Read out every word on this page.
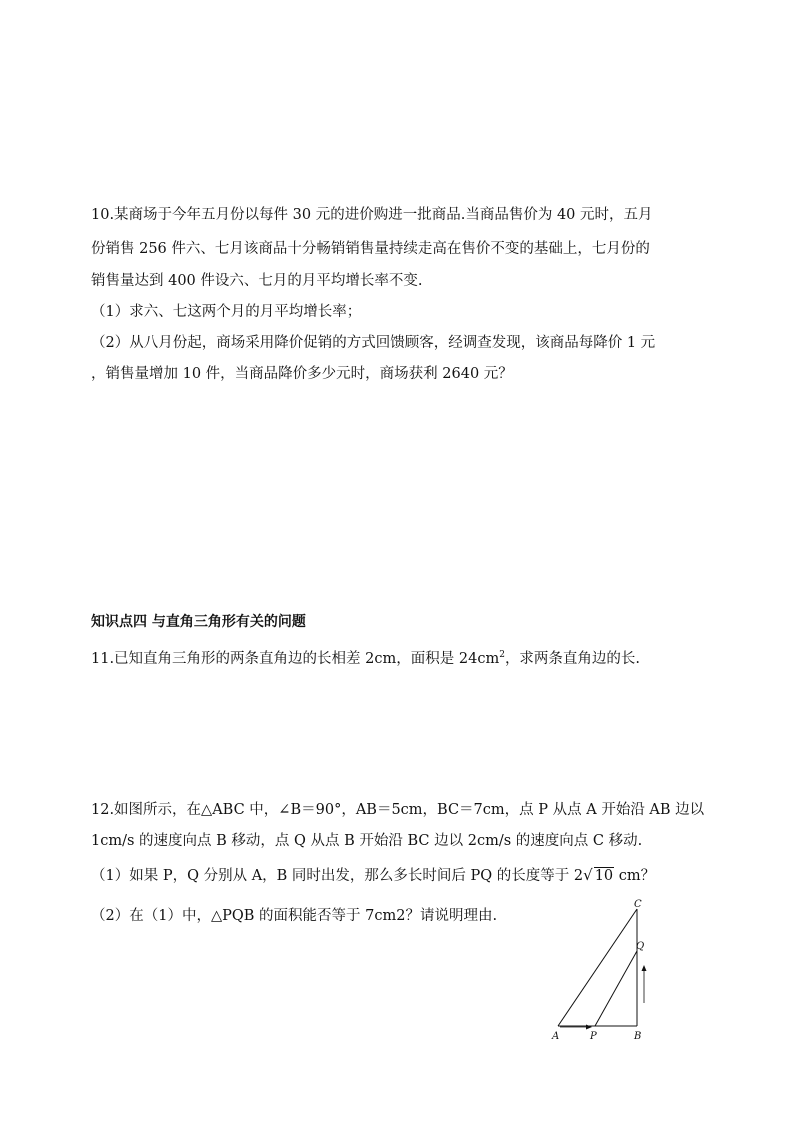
10.某商场于今年五月份以每件 30 元的进价购进一批商品.当商品售价为 40 元时，五月
份销售 256 件六、七月该商品十分畅销销售量持续走高在售价不变的基础上，七月份的
销售量达到 400 件设六、七月的月平均增长率不变.
（1）求六、七这两个月的月平均增长率；
（2）从八月份起，商场采用降价促销的方式回馈顾客，经调查发现，该商品每降价 1 元
，销售量增加 10 件，当商品降价多少元时，商场获利 2640 元？
知识点四 与直角三角形有关的问题
11.已知直角三角形的两条直角边的长相差 2cm，面积是 $24cm^2$，求两条直角边的长.
12.如图所示，在△ABC 中，∠B＝90°，AB＝5cm，BC＝7cm，点 P 从点 A 开始沿 AB 边以
1cm/s 的速度向点 B 移动，点 Q 从点 B 开始沿 BC 边以 2cm/s 的速度向点 C 移动.
（1）如果 P，Q 分别从 A，B 同时出发，那么多长时间后 PQ 的长度等于 2√ 10 cm？
（2）在（1）中，△PQB 的面积能否等于 7cm2？请说明理由.
A	B
C
P
Q
